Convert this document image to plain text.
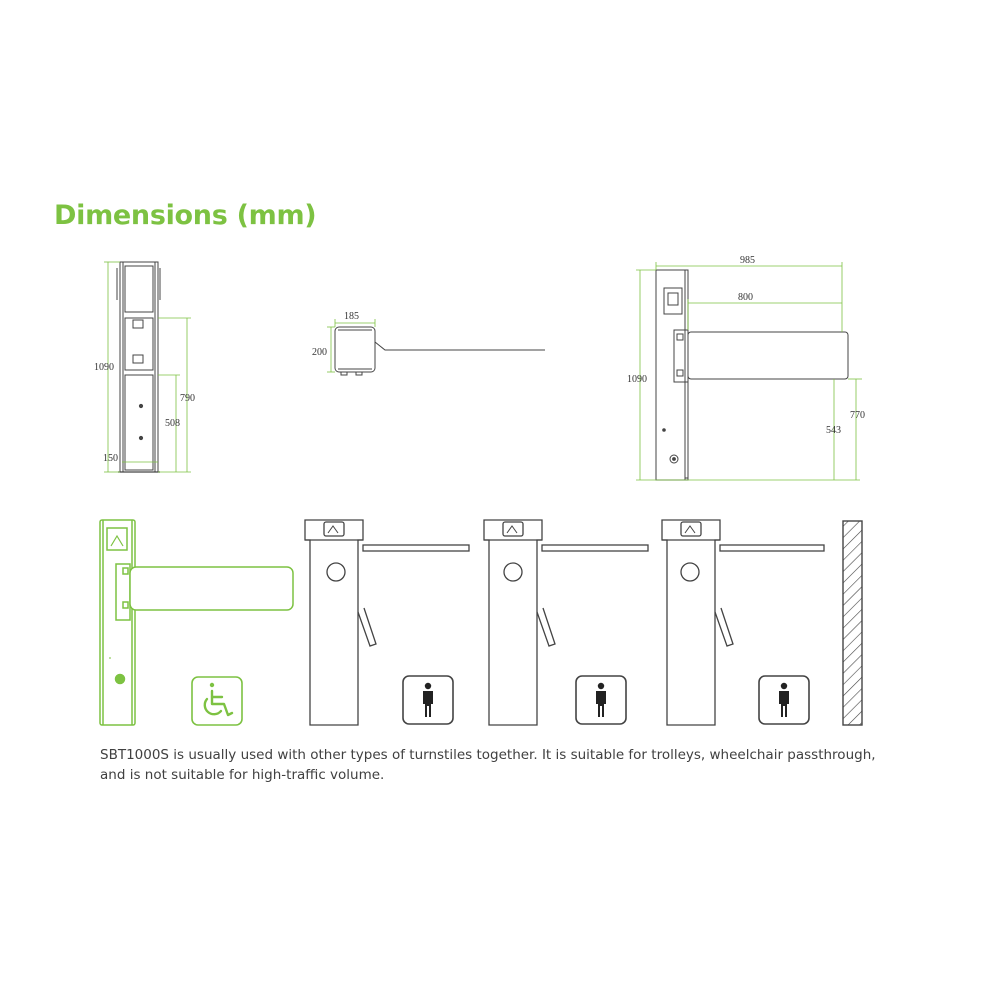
Dimensions (mm)
1090
790
508
150
185
200
985
800
1090
770
543

SBT1000S is usually used with other types of turnstiles together. It is suitable for trolleys, wheelchair passthrough, and is not suitable for high-traffic volume.
